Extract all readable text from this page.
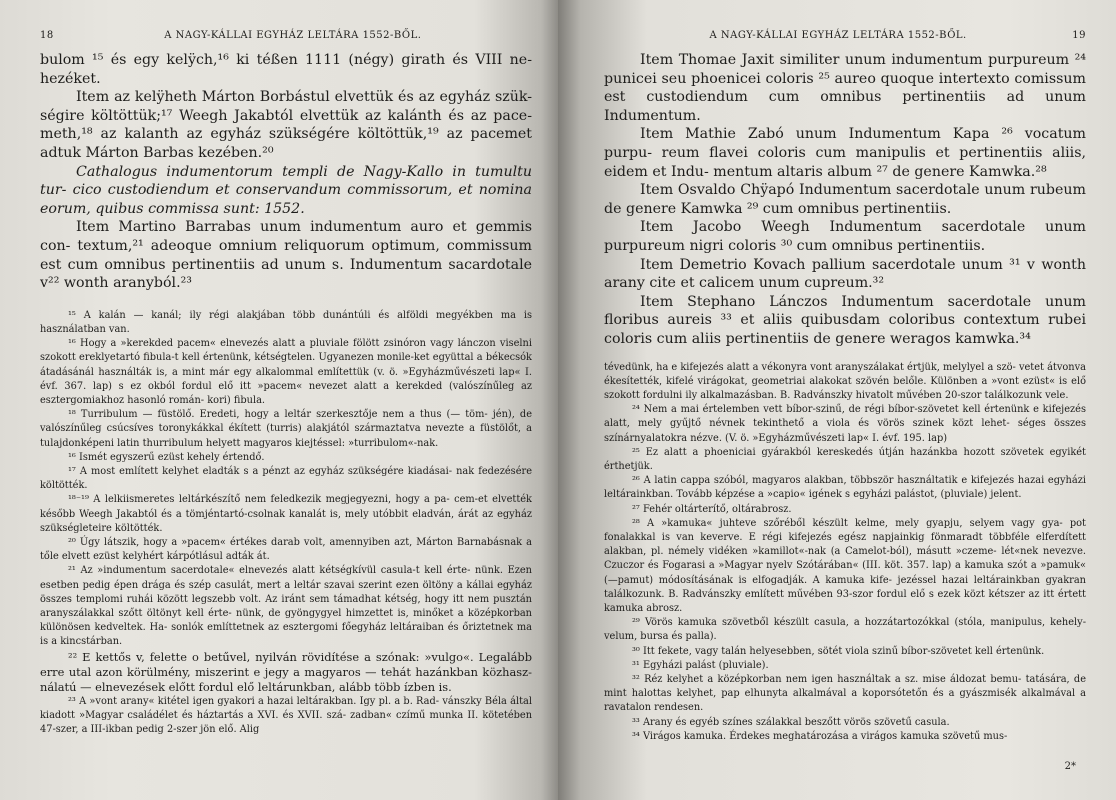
18	A NAGY-KÁLLAI EGYHÁZ LELTÁRA 1552-BŐL.

bulom ¹⁵ és egy kelÿch,¹⁶ ki téßen 1111 (négy) girath és VIII ne- hezéket.

Item az kelÿheth Márton Borbástul elvettük és az egyház szük- ségire költöttük;¹⁷ Weegh Jakabtól elvettük az kalánth és az pace- meth,¹⁸ az kalanth az egyház szükségére költöttük,¹⁹ az pacemet adtuk Márton Barbas kezében.²⁰

Cathalogus indumentorum templi de Nagy-Kallo in tumultu tur- cico custodiendum et conservandum commissorum, et nomina eorum, quibus commissa sunt: 1552.

Item Martino Barrabas unum indumentum auro et gemmis con- textum,²¹ adeoque omnium reliquorum optimum, commissum est cum omnibus pertinentiis ad unum s. Indumentum sacardotale v²² wonth aranyból.²³

¹⁵ A kalán — kanál; ily régi alakjában több dunántúli és alföldi megyékben ma is használatban van.

¹⁶ Hogy a »kerekded pacem« elnevezés alatt a pluviale fölött zsinóron vagy lánczon viselni szokott ereklyetartó fibula-t kell értenünk, kétségtelen. Ugyanezen monile-ket együttal a békecsók átadásánál használták is, a mint már egy alkalommal említettük (v. ö. »Egyházművészeti lap« I. évf. 367. lap) s ez okból fordul elő itt »pacem« nevezet alatt a kerekded (valószínűleg az esztergomiakhoz hasonló román- kori) fibula.

¹⁸ Turribulum — füstölő. Eredeti, hogy a leltár szerkesztője nem a thus (— töm- jén), de valószínűleg csúcsíves toronykákkal ékített (turris) alakjától származtatva nevezte a füstölőt, a tulajdonképeni latin thurribulum helyett magyaros kiejtéssel: »turribulom«-nak.

¹⁶ Ismét egyszerű ezüst kehely értendő.

¹⁷ A most említett kelyhet eladták s a pénzt az egyház szükségére kiadásai- nak fedezésére költötték.

¹⁸⁻¹⁹ A lelkiismeretes leltárkészítő nem feledkezik megjegyezni, hogy a pa- cem-et elvették később Weegh Jakabtól és a tömjéntartó-csolnak kanalát is, mely utóbbit eladván, árát az egyház szükségleteire költötték.

²⁰ Úgy látszik, hogy a »pacem« értékes darab volt, amennyiben azt, Márton Barnabásnak a tőle elvett ezüst kelyhért kárpótlásul adták át.

²¹ Az »indumentum sacerdotale« elnevezés alatt kétségkívül casula-t kell érte- nünk. Ezen esetben pedig épen drága és szép casulát, mert a leltár szavai szerint ezen öltöny a kállai egyház összes templomi ruhái között legszebb volt. Az iránt sem támadhat kétség, hogy itt nem pusztán aranyszálakkal szőtt öltönyt kell érte- nünk, de gyöngygyel himzettet is, minőket a középkorban különösen kedveltek. Ha- sonlók említtetnek az esztergomi főegyház leltáraiban és őriztetnek ma is a kincstárban.

²² E kettős v, felette o betűvel, nyilván rövidítése a szónak: »vulgo«. Legalább erre utal azon körülmény, miszerint e jegy a magyaros — tehát hazánkban közhasz- nálatú — elnevezések előtt fordul elő leltárunkban, alább több ízben is.

²³ A »vont arany« kitétel igen gyakori a hazai leltárakban. Igy pl. a b. Rad- vánszky Béla által kiadott »Magyar családélet és háztartás a XVI. és XVII. szá- zadban« czímű munka II. kötetében 47-szer, a III-ikban pedig 2-szer jön elő. Alig

A NAGY-KÁLLAI EGYHÁZ LELTÁRA 1552-BŐL.	19

Item Thomae Jaxit similiter unum indumentum purpureum ²⁴ punicei seu phoenicei coloris ²⁵ aureo quoque intertexto comissum est custodiendum cum omnibus pertinentiis ad unum Indumentum.

Item Mathie Zabó unum Indumentum Kapa ²⁶ vocatum purpu- reum flavei coloris cum manipulis et pertinentiis aliis, eidem et Indu- mentum altaris album ²⁷ de genere Kamwka.²⁸

Item Osvaldo Chÿapó Indumentum sacerdotale unum rubeum de genere Kamwka ²⁹ cum omnibus pertinentiis.

Item Jacobo Weegh Indumentum sacerdotale unum purpureum nigri coloris ³⁰ cum omnibus pertinentiis.

Item Demetrio Kovach pallium sacerdotale unum ³¹ v wonth arany cite et calicem unum cupreum.³²

Item Stephano Lánczos Indumentum sacerdotale unum floribus aureis ³³ et aliis quibusdam coloribus contextum rubei coloris cum aliis pertinentiis de genere weragos kamwka.³⁴

tévedünk, ha e kifejezés alatt a vékonyra vont aranyszálakat értjük, melylyel a szö- vetet átvonva ékesítették, kifelé virágokat, geometriai alakokat szövén belőle. Különben a »vont ezüst« is elő szokott fordulni ily alkalmazásban. B. Radvánszky hivatolt művében 20-szor találkozunk vele.

²⁴ Nem a mai értelemben vett bíbor-szinű, de régi bíbor-szövetet kell értenünk e kifejezés alatt, mely gyűjtő névnek tekinthető a viola és vörös szinek közt lehet- séges összes színárnyalatokra nézve. (V. ö. »Egyházművészeti lap« I. évf. 195. lap)

²⁵ Ez alatt a phoeniciai gyárakból kereskedés útján hazánkba hozott szövetek egyikét érthetjük.

²⁶ A latin cappa szóból, magyaros alakban, többször használtatik e kifejezés hazai egyházi leltárainkban. Tovább képzése a »capio« igének s egyházi palástot, (pluviale) jelent.

²⁷ Fehér oltárterítő, oltárabrosz.

²⁸ A »kamuka« juhteve szőréből készült kelme, mely gyapju, selyem vagy gya- pot fonalakkal is van keverve. E régi kifejezés egész napjainkig fönmaradt többféle elferdített alakban, pl. némely vidéken »kamillot«-nak (a Camelot-ból), másutt »czeme- lét«nek nevezve. Czuczor és Fogarasi a »Magyar nyelv Szótárában« (III. köt. 357. lap) a kamuka szót a »pamuk« (—pamut) módosításának is elfogadják. A kamuka kife- jezéssel hazai leltárainkban gyakran találkozunk. B. Radvánszky említett művében 93-szor fordul elő s ezek közt kétszer az itt értett kamuka abrosz.

²⁹ Vörös kamuka szövetből készült casula, a hozzátartozókkal (stóla, manipulus, kehely-velum, bursa és palla).

³⁰ Itt fekete, vagy talán helyesebben, sötét viola szinű bíbor-szövetet kell értenünk.

³¹ Egyházi palást (pluviale).

³² Réz kelyhet a középkorban nem igen használtak a sz. mise áldozat bemu- tatására, de mint halottas kelyhet, pap elhunyta alkalmával a koporsótetőn és a gyászmisék alkalmával a ravatalon rendesen.

³³ Arany és egyéb színes szálakkal beszőtt vörös szövetű casula.

³⁴ Virágos kamuka. Érdekes meghatározása a virágos kamuka szövetű mus-

2*
